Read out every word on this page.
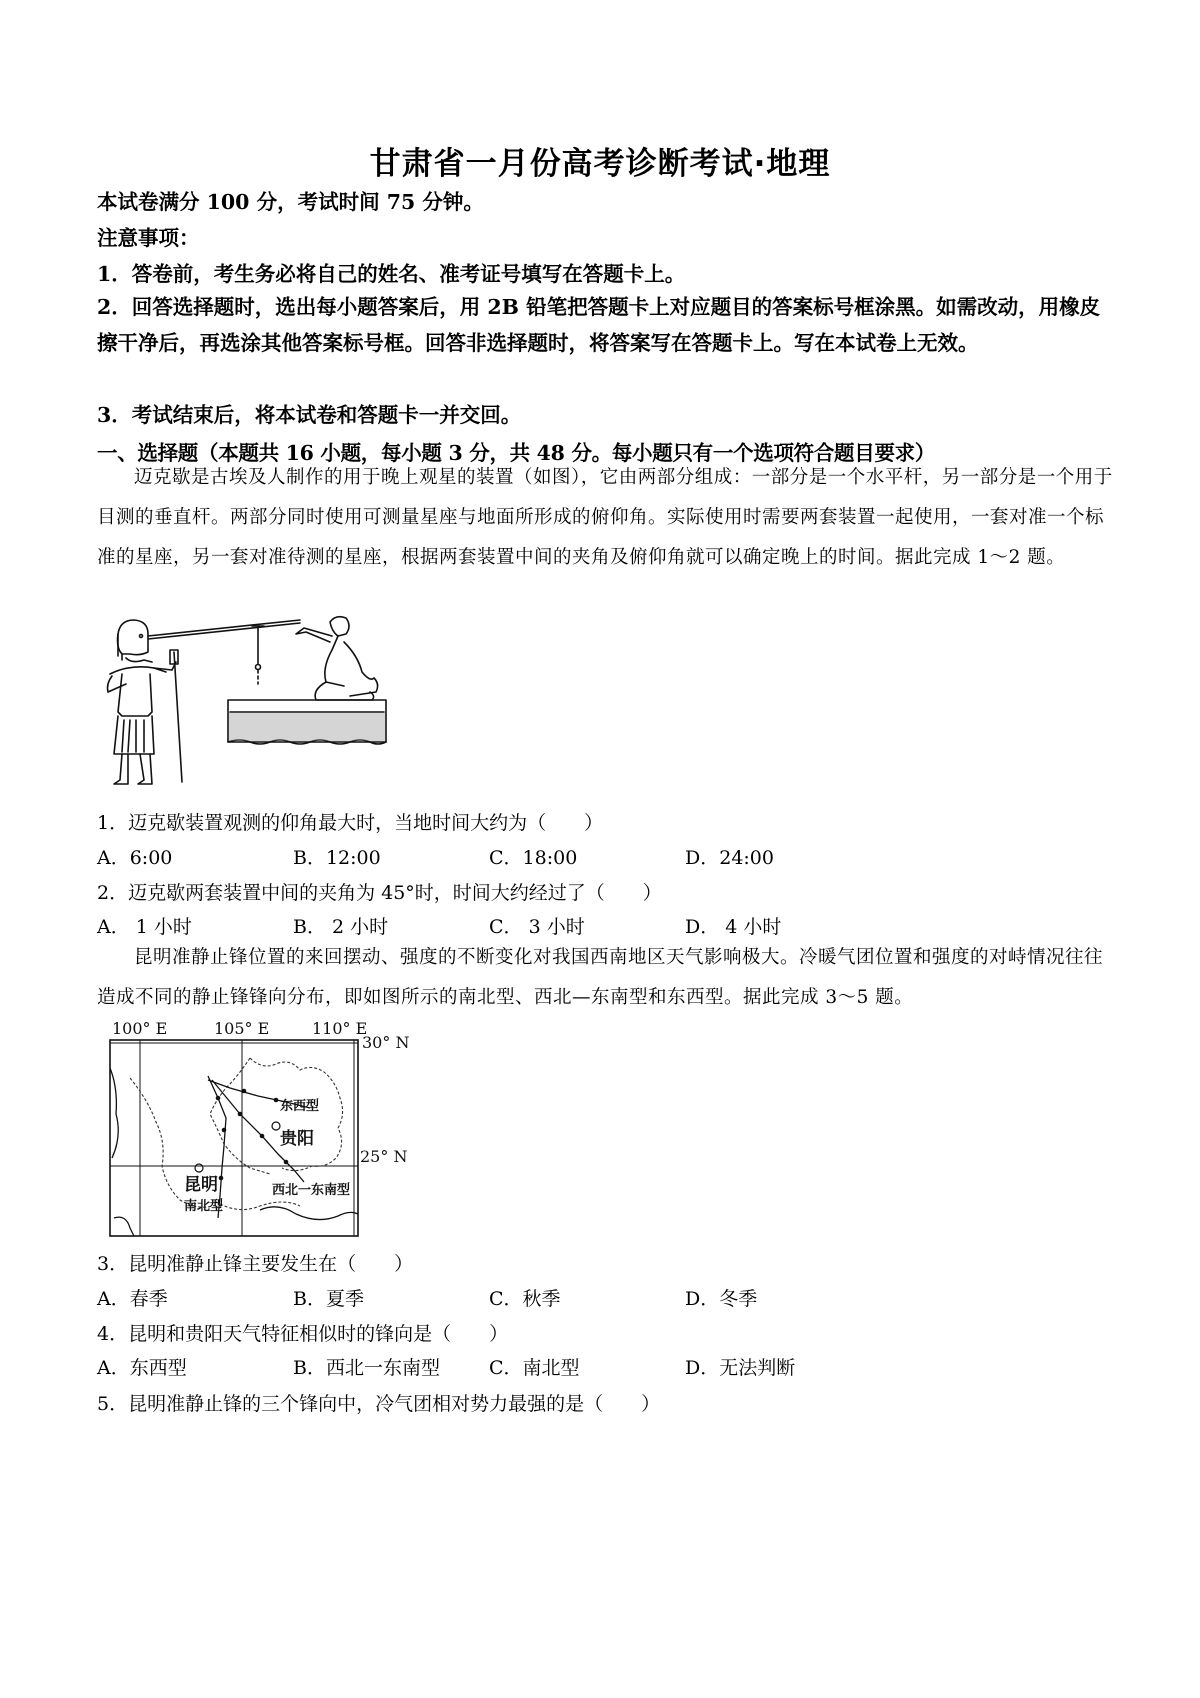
甘肃省一月份高考诊断考试·地理

本试卷满分 100 分，考试时间 75 分钟。

注意事项：

1．答卷前，考生务必将自己的姓名、准考证号填写在答题卡上。

2．回答选择题时，选出每小题答案后，用 2B 铅笔把答题卡上对应题目的答案标号框涂黑。如需改动，用橡皮擦干净后，再选涂其他答案标号框。回答非选择题时，将答案写在答题卡上。写在本试卷上无效。

3．考试结束后，将本试卷和答题卡一并交回。

一、选择题（本题共 16 小题，每小题 3 分，共 48 分。每小题只有一个选项符合题目要求）

迈克歇是古埃及人制作的用于晚上观星的装置（如图），它由两部分组成：一部分是一个水平杆，另一部分是一个用于目测的垂直杆。两部分同时使用可测量星座与地面所形成的俯仰角。实际使用时需要两套装置一起使用，一套对准一个标准的星座，另一套对准待测的星座，根据两套装置中间的夹角及俯仰角就可以确定晚上的时间。据此完成 1～2 题。

1．迈克歇装置观测的仰角最大时，当地时间大约为（　　）

A．6:00	B．12:00	C．18:00	D．24:00

2．迈克歇两套装置中间的夹角为 45°时，时间大约经过了（　　）

A． 1 小时	B． 2 小时	C． 3 小时	D． 4 小时

昆明准静止锋位置的来回摆动、强度的不断变化对我国西南地区天气影响极大。冷暖气团位置和强度的对峙情况往往造成不同的静止锋锋向分布，即如图所示的南北型、西北—东南型和东西型。据此完成 3～5 题。

100° E	105° E	110° E
30° N
25° N
贵阳
昆明
东西型
西北一东南型
南北型

3．昆明准静止锋主要发生在（　　）

A．春季	B．夏季	C．秋季	D．冬季

4．昆明和贵阳天气特征相似时的锋向是（　　）

A．东西型	B．西北一东南型	C．南北型	D．无法判断

5．昆明准静止锋的三个锋向中，冷气团相对势力最强的是（　　）
